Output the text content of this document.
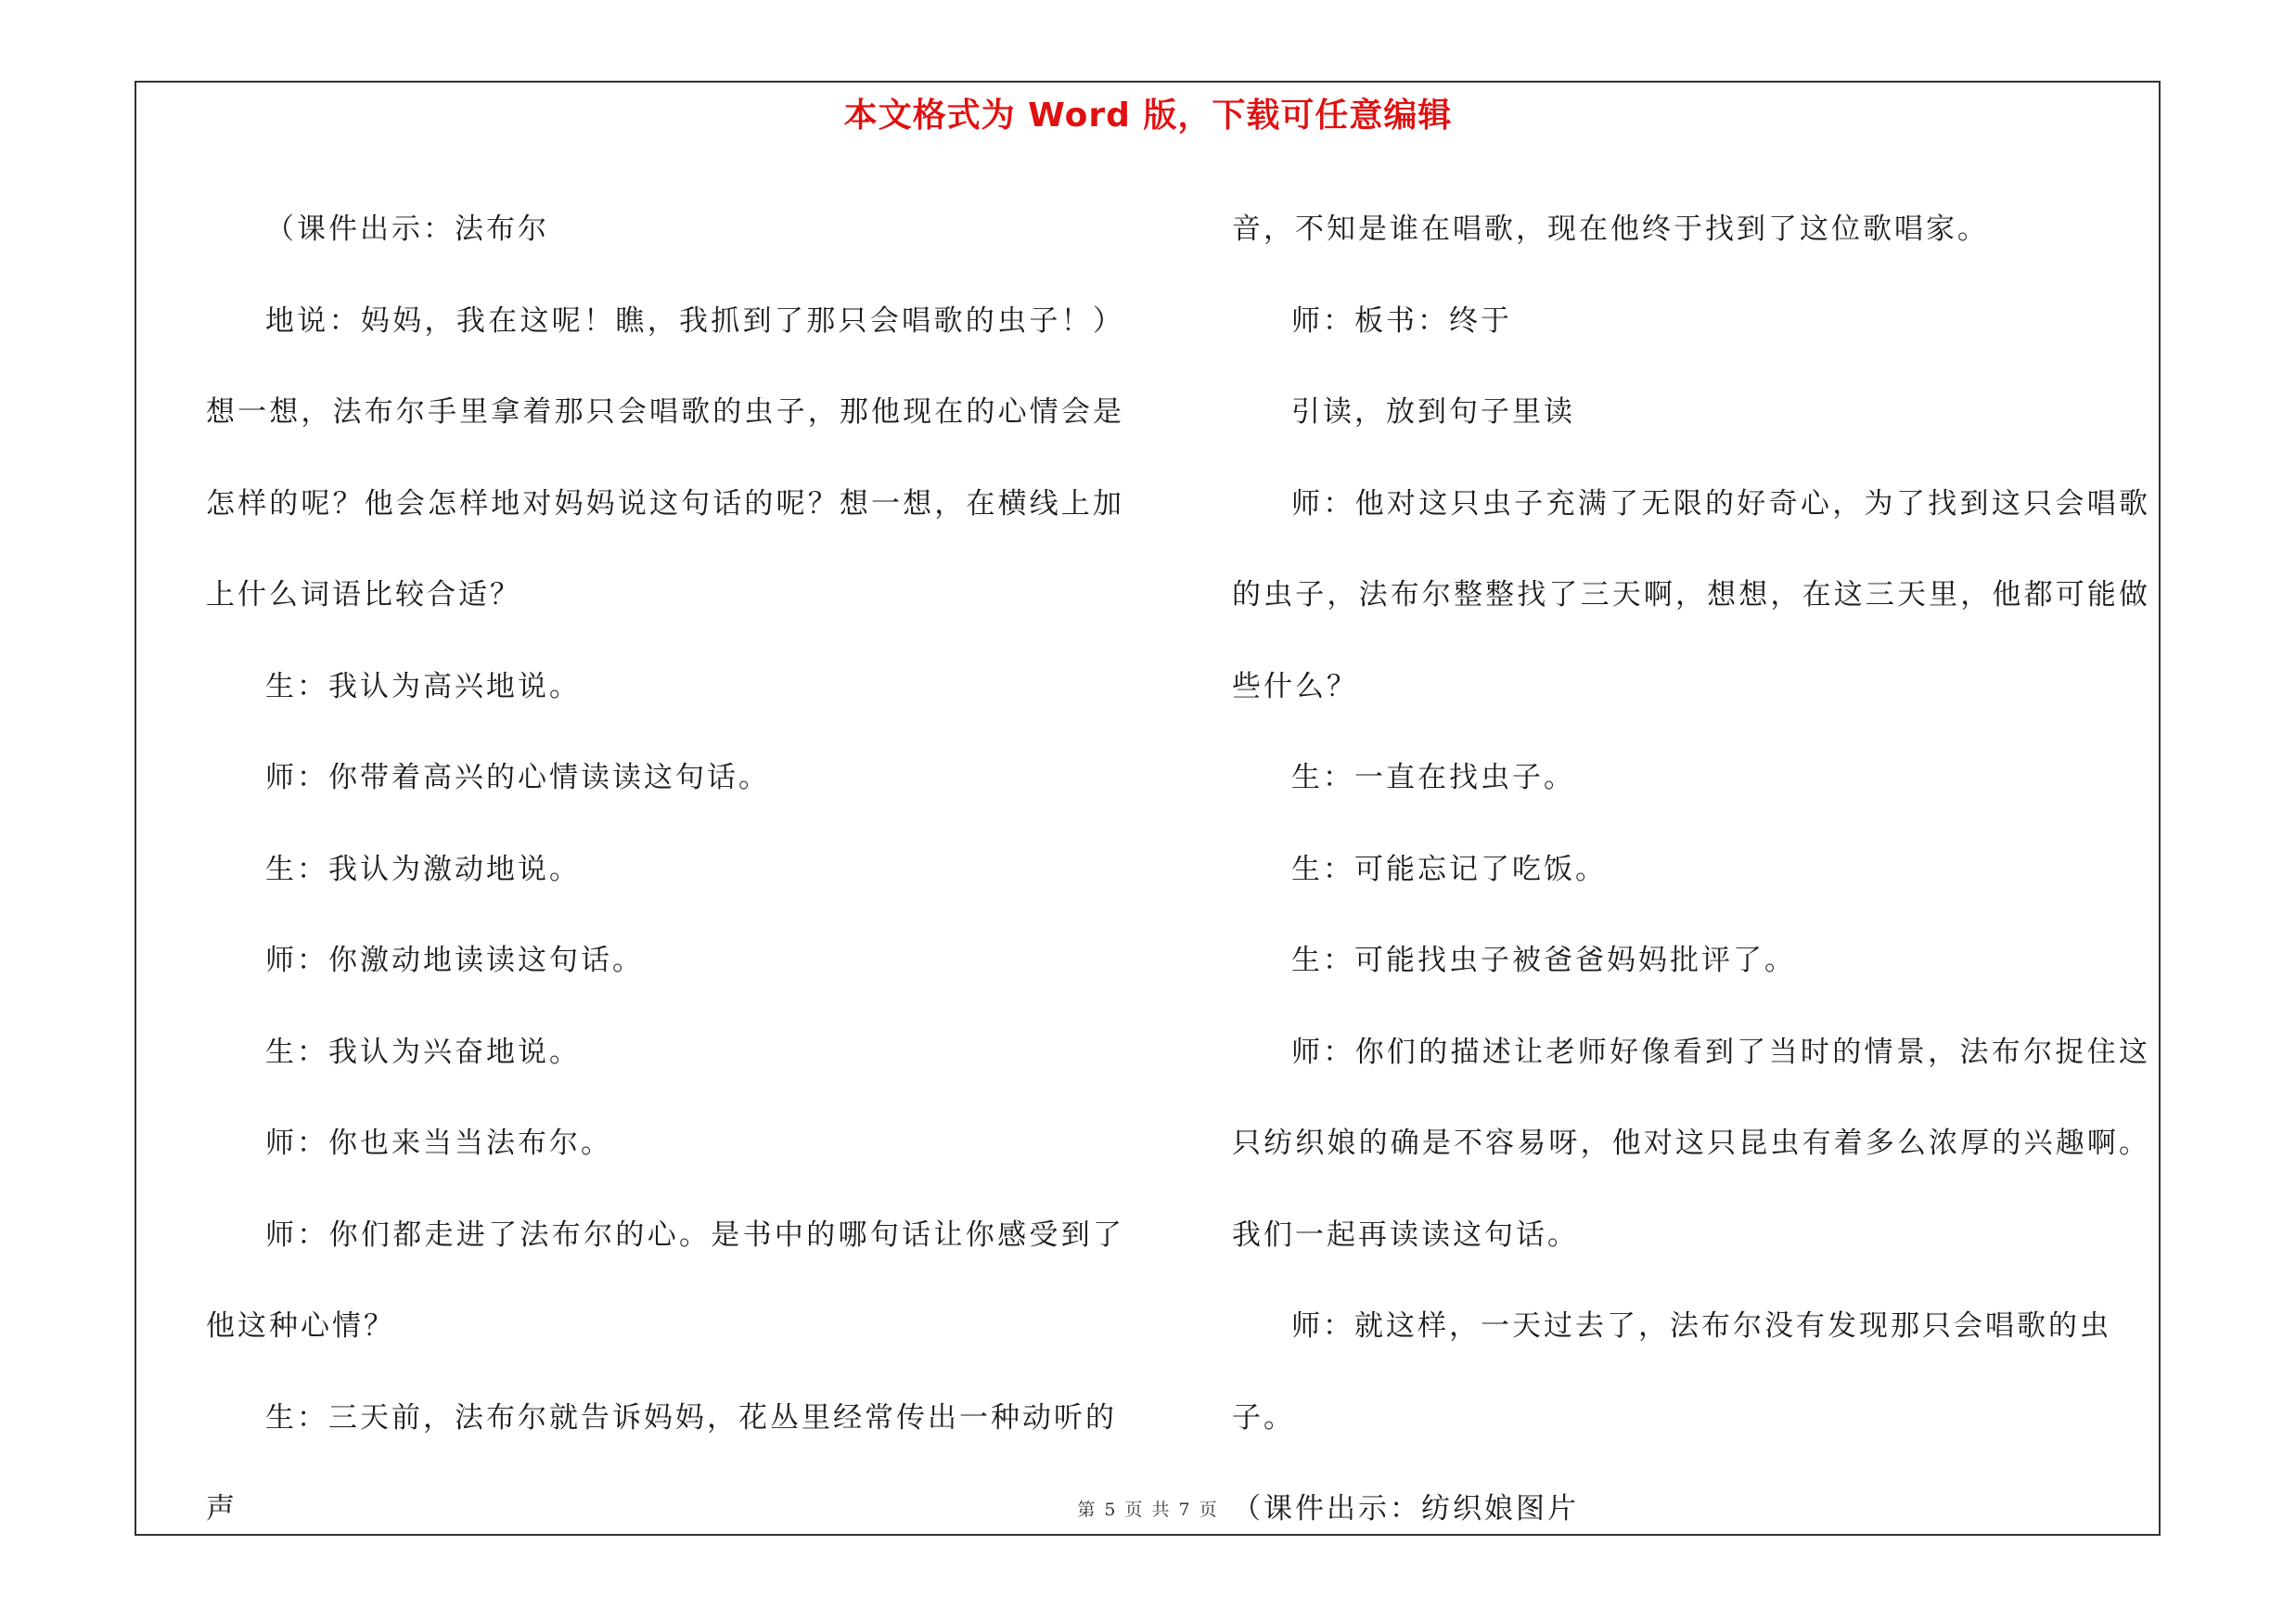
本文格式为 Word 版，下载可任意编辑

（课件出示：法布尔

地说：妈妈，我在这呢！瞧，我抓到了那只会唱歌的虫子！）想一想，法布尔手里拿着那只会唱歌的虫子，那他现在的心情会是怎样的呢？他会怎样地对妈妈说这句话的呢？想一想，在横线上加上什么词语比较合适？

生：我认为高兴地说。

师：你带着高兴的心情读读这句话。

生：我认为激动地说。

师：你激动地读读这句话。

生：我认为兴奋地说。

师：你也来当当法布尔。

师：你们都走进了法布尔的心。是书中的哪句话让你感受到了他这种心情？

生：三天前，法布尔就告诉妈妈，花丛里经常传出一种动听的声

音，不知是谁在唱歌，现在他终于找到了这位歌唱家。

师：板书：终于

引读，放到句子里读

师：他对这只虫子充满了无限的好奇心，为了找到这只会唱歌的虫子，法布尔整整找了三天啊，想想，在这三天里，他都可能做些什么？

生：一直在找虫子。

生：可能忘记了吃饭。

生：可能找虫子被爸爸妈妈批评了。

师：你们的描述让老师好像看到了当时的情景，法布尔捉住这只纺织娘的确是不容易呀，他对这只昆虫有着多么浓厚的兴趣啊。我们一起再读读这句话。

师：就这样，一天过去了，法布尔没有发现那只会唱歌的虫子。

（课件出示：纺织娘图片

第 5 页 共 7 页
